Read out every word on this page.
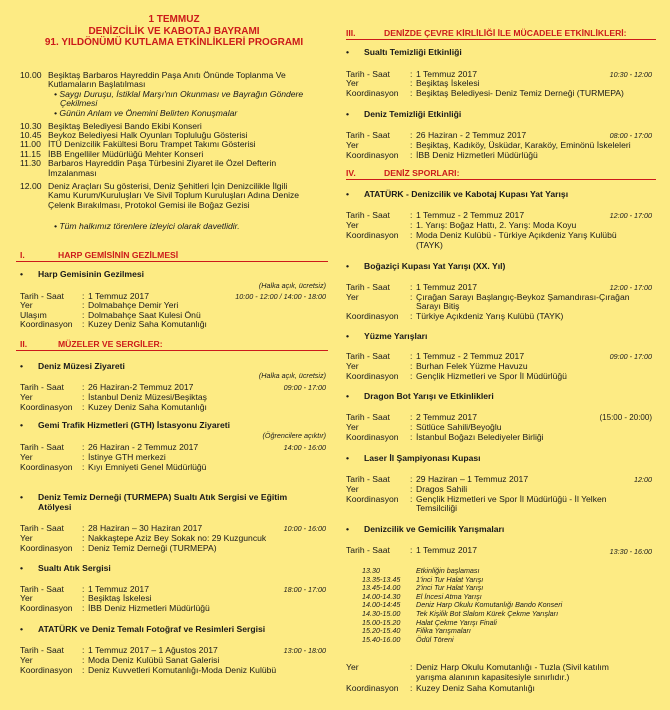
1 TEMMUZ
DENİZCİLİK VE KABOTAJ BAYRAMI
91. YILDÖNÜMÜ KUTLAMA ETKİNLİKLERİ PROGRAMI
10.00 Beşiktaş Barbaros Hayreddin Paşa Anıtı Önünde Toplanma Ve
Kutlamaların Başlatılması
• Saygı Duruşu, İstiklal Marşı'nın Okunması ve Bayrağın Göndere
Çekilmesi
• Günün Anlam ve Önemini Belirten Konuşmalar
10.30 Beşiktaş Belediyesi Bando Ekibi Konseri
10.45 Beykoz Belediyesi Halk Oyunları Topluluğu Gösterisi
11.00 İTÜ Denizcilik Fakültesi Boru Trampet Takımı Gösterisi
11.15 İBB Engelliler Müdürlüğü Mehter Konseri
11.30 Barbaros Hayreddin Paşa Türbesini Ziyaret ile Özel Defterin
İmzalanması
12.00 Deniz Araçları Su gösterisi, Deniz Şehitleri İçin Denizcilikle İlgili
Kamu Kurum/Kuruluşları Ve Sivil Toplum Kuruluşları Adına Denize
Çelenk Bırakılması, Protokol Gemisi ile Boğaz Gezisi
• Tüm halkımız törenlere izleyici olarak davetlidir.
I.	HARP GEMİSİNİN GEZİLMESİ
• Harp Gemisinin Gezilmesi
(Halka açık, ücretsiz)
Tarih - Saat : 1 Temmuz 2017	10:00 - 12:00 / 14:00 - 18:00
Yer	: Dolmabahçe Demir Yeri
Ulaşım	: Dolmabahçe Saat Kulesi Önü
Koordinasyon : Kuzey Deniz Saha Komutanlığı
II.	MÜZELER VE SERGİLER:
• Deniz Müzesi Ziyareti
(Halka açık, ücretsiz)
Tarih - Saat : 26 Haziran-2 Temmuz 2017	09:00 - 17:00
Yer	: İstanbul Deniz Müzesi/Beşiktaş
Koordinasyon : Kuzey Deniz Saha Komutanlığı
• Gemi Trafik Hizmetleri (GTH) İstasyonu Ziyareti
(Öğrencilere açıktır)
Tarih - Saat : 26 Haziran - 2 Temmuz 2017	14:00 - 16:00
Yer	: İstinye GTH merkezi
Koordinasyon : Kıyı Emniyeti Genel Müdürlüğü
• Deniz Temiz Derneği (TURMEPA) Sualtı Atık Sergisi ve Eğitim
Atölyesi
Tarih - Saat : 28 Haziran – 30 Haziran 2017	10:00 - 16:00
Yer	: Nakkaştepe Aziz Bey Sokak no: 29 Kuzguncuk
Koordinasyon : Deniz Temiz Derneği (TURMEPA)
• Sualtı Atık Sergisi
Tarih - Saat : 1 Temmuz 2017	18:00 - 17:00
Yer	: Beşiktaş İskelesi
Koordinasyon : İBB Deniz Hizmetleri Müdürlüğü
• ATATÜRK ve Deniz Temalı Fotoğraf ve Resimleri Sergisi
Tarih - Saat : 1 Temmuz 2017 – 1 Ağustos 2017	13:00 - 18:00
Yer	: Moda Deniz Kulübü Sanat Galerisi
Koordinasyon : Deniz Kuvvetleri Komutanlığı-Moda Deniz Kulübü
III.	DENİZDE ÇEVRE KİRLİLİĞİ İLE MÜCADELE ETKİNLİKLERİ:
• Sualtı Temizliği Etkinliği
Tarih - Saat : 1 Temmuz 2017	10:30 - 12:00
Yer	: Beşiktaş İskelesi
Koordinasyon : Beşiktaş Belediyesi- Deniz Temiz Derneği (TURMEPA)
• Deniz Temizliği Etkinliği
Tarih - Saat : 26 Haziran - 2 Temmuz 2017	08:00 - 17:00
Yer	: Beşiktaş, Kadıköy, Üsküdar, Karaköy, Eminönü İskeleleri
Koordinasyon : İBB Deniz Hizmetleri Müdürlüğü
IV.	DENİZ SPORLARI:
• ATATÜRK - Denizcilik ve Kabotaj Kupası Yat Yarışı
Tarih - Saat : 1 Temmuz - 2 Temmuz 2017	12:00 - 17:00
Yer	: 1. Yarış: Boğaz Hattı, 2. Yarış: Moda Koyu
Koordinasyon : Moda Deniz Kulübü - Türkiye Açıkdeniz Yarış Kulübü
(TAYK)
• Boğaziçi Kupası Yat Yarışı (XX. Yıl)
Tarih - Saat : 1 Temmuz 2017	12:00 - 17:00
Yer	: Çırağan Sarayı Başlangıç-Beykoz Şamandırası-Çırağan
Sarayı Bitiş
Koordinasyon : Türkiye Açıkdeniz Yarış Kulübü (TAYK)
• Yüzme Yarışları
Tarih - Saat : 1 Temmuz - 2 Temmuz 2017	09:00 - 17:00
Yer	: Burhan Felek Yüzme Havuzu
Koordinasyon : Gençlik Hizmetleri ve Spor İl Müdürlüğü
• Dragon Bot Yarışı ve Etkinlikleri
Tarih - Saat : 2 Temmuz 2017	(15:00 - 20:00)
Yer	: Sütlüce Sahili/Beyoğlu
Koordinasyon : İstanbul Boğazı Belediyeler Birliği
• Laser İl Şampiyonası Kupası
Tarih - Saat : 29 Haziran – 1 Temmuz 2017	12:00
Yer	: Dragos Sahili
Koordinasyon : Gençlik Hizmetleri ve Spor İl Müdürlüğü - İl Yelken
Temsilciliği
• Denizcilik ve Gemicilik Yarışmaları
Tarih - Saat : 1 Temmuz 2017	13:30 - 16:00
13.30	Etkinliğin başlaması
13.35-13.45 1'inci Tur Halat Yarışı
13.45-14.00 2'inci Tur Halat Yarışı
14.00-14.30 El İncesi Atma Yarışı
14.00-14:45 Deniz Harp Okulu Komutanlığı Bando Konseri
14.30-15.00 Tek Kişilik Bot Slalom Kürek Çekme Yarışları
15.00-15.20 Halat Çekme Yarışı Finali
15.20-15.40 Filika Yarışmaları
15.40-16.00 Ödül Töreni
Yer	: Deniz Harp Okulu Komutanlığı - Tuzla (Sivil katılım
yarışma alanının kapasitesiyle sınırlıdır.)
Koordinasyon : Kuzey Deniz Saha Komutanlığı
